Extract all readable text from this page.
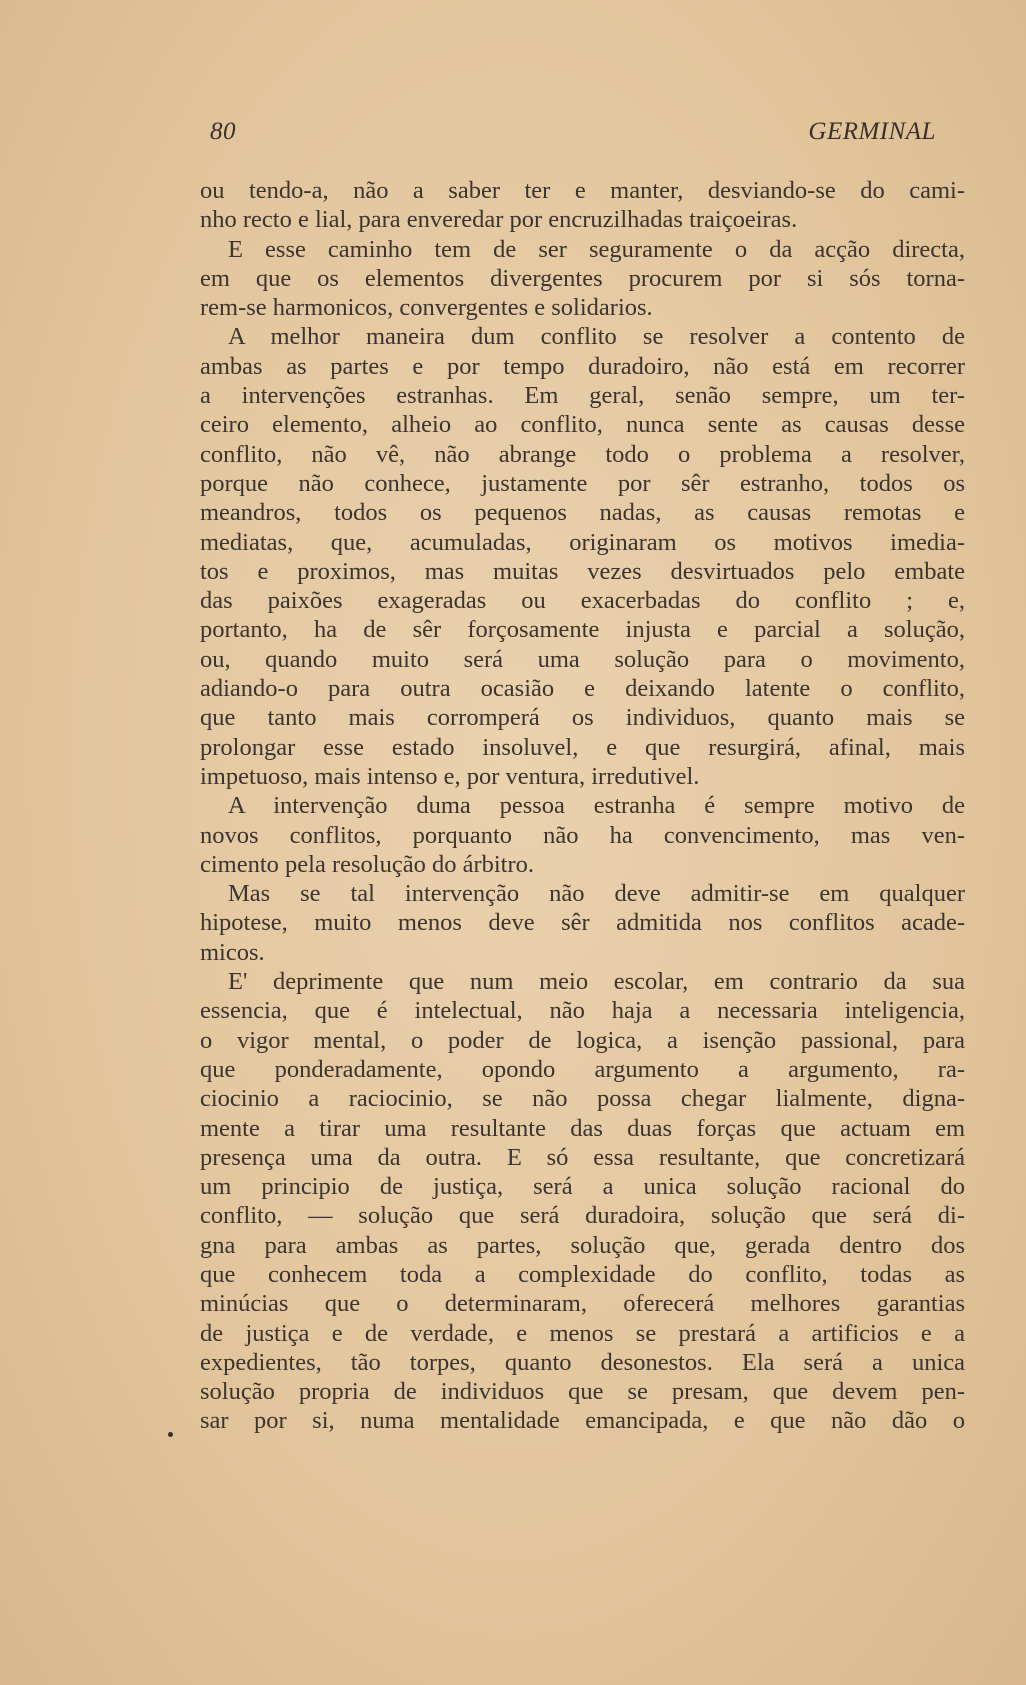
80	GERMINAL
ou tendo-a, não a saber ter e manter, desviando-se do cami-
nho recto e lial, para enveredar por encruzilhadas traiçoeiras.
E esse caminho tem de ser seguramente o da acção directa,
em que os elementos divergentes procurem por si sós torna-
rem-se harmonicos, convergentes e solidarios.
A melhor maneira dum conflito se resolver a contento de
ambas as partes e por tempo duradoiro, não está em recorrer
a intervenções estranhas. Em geral, senão sempre, um ter-
ceiro elemento, alheio ao conflito, nunca sente as causas desse
conflito, não vê, não abrange todo o problema a resolver,
porque não conhece, justamente por sêr estranho, todos os
meandros, todos os pequenos nadas, as causas remotas e
mediatas, que, acumuladas, originaram os motivos imedia-
tos e proximos, mas muitas vezes desvirtuados pelo embate
das paixões exageradas ou exacerbadas do conflito ; e,
portanto, ha de sêr forçosamente injusta e parcial a solução,
ou, quando muito será uma solução para o movimento,
adiando-o para outra ocasião e deixando latente o conflito,
que tanto mais corromperá os individuos, quanto mais se
prolongar esse estado insoluvel, e que resurgirá, afinal, mais
impetuoso, mais intenso e, por ventura, irredutivel.
A intervenção duma pessoa estranha é sempre motivo de
novos conflitos, porquanto não ha convencimento, mas ven-
cimento pela resolução do árbitro.
Mas se tal intervenção não deve admitir-se em qualquer
hipotese, muito menos deve sêr admitida nos conflitos acade-
micos.
E' deprimente que num meio escolar, em contrario da sua
essencia, que é intelectual, não haja a necessaria inteligencia,
o vigor mental, o poder de logica, a isenção passional, para
que ponderadamente, opondo argumento a argumento, ra-
ciocinio a raciocinio, se não possa chegar lialmente, digna-
mente a tirar uma resultante das duas forças que actuam em
presença uma da outra. E só essa resultante, que concretizará
um principio de justiça, será a unica solução racional do
conflito, — solução que será duradoira, solução que será di-
gna para ambas as partes, solução que, gerada dentro dos
que conhecem toda a complexidade do conflito, todas as
minúcias que o determinaram, oferecerá melhores garantias
de justiça e de verdade, e menos se prestará a artificios e a
expedientes, tão torpes, quanto desonestos. Ela será a unica
solução propria de individuos que se presam, que devem pen-
sar por si, numa mentalidade emancipada, e que não dão o
